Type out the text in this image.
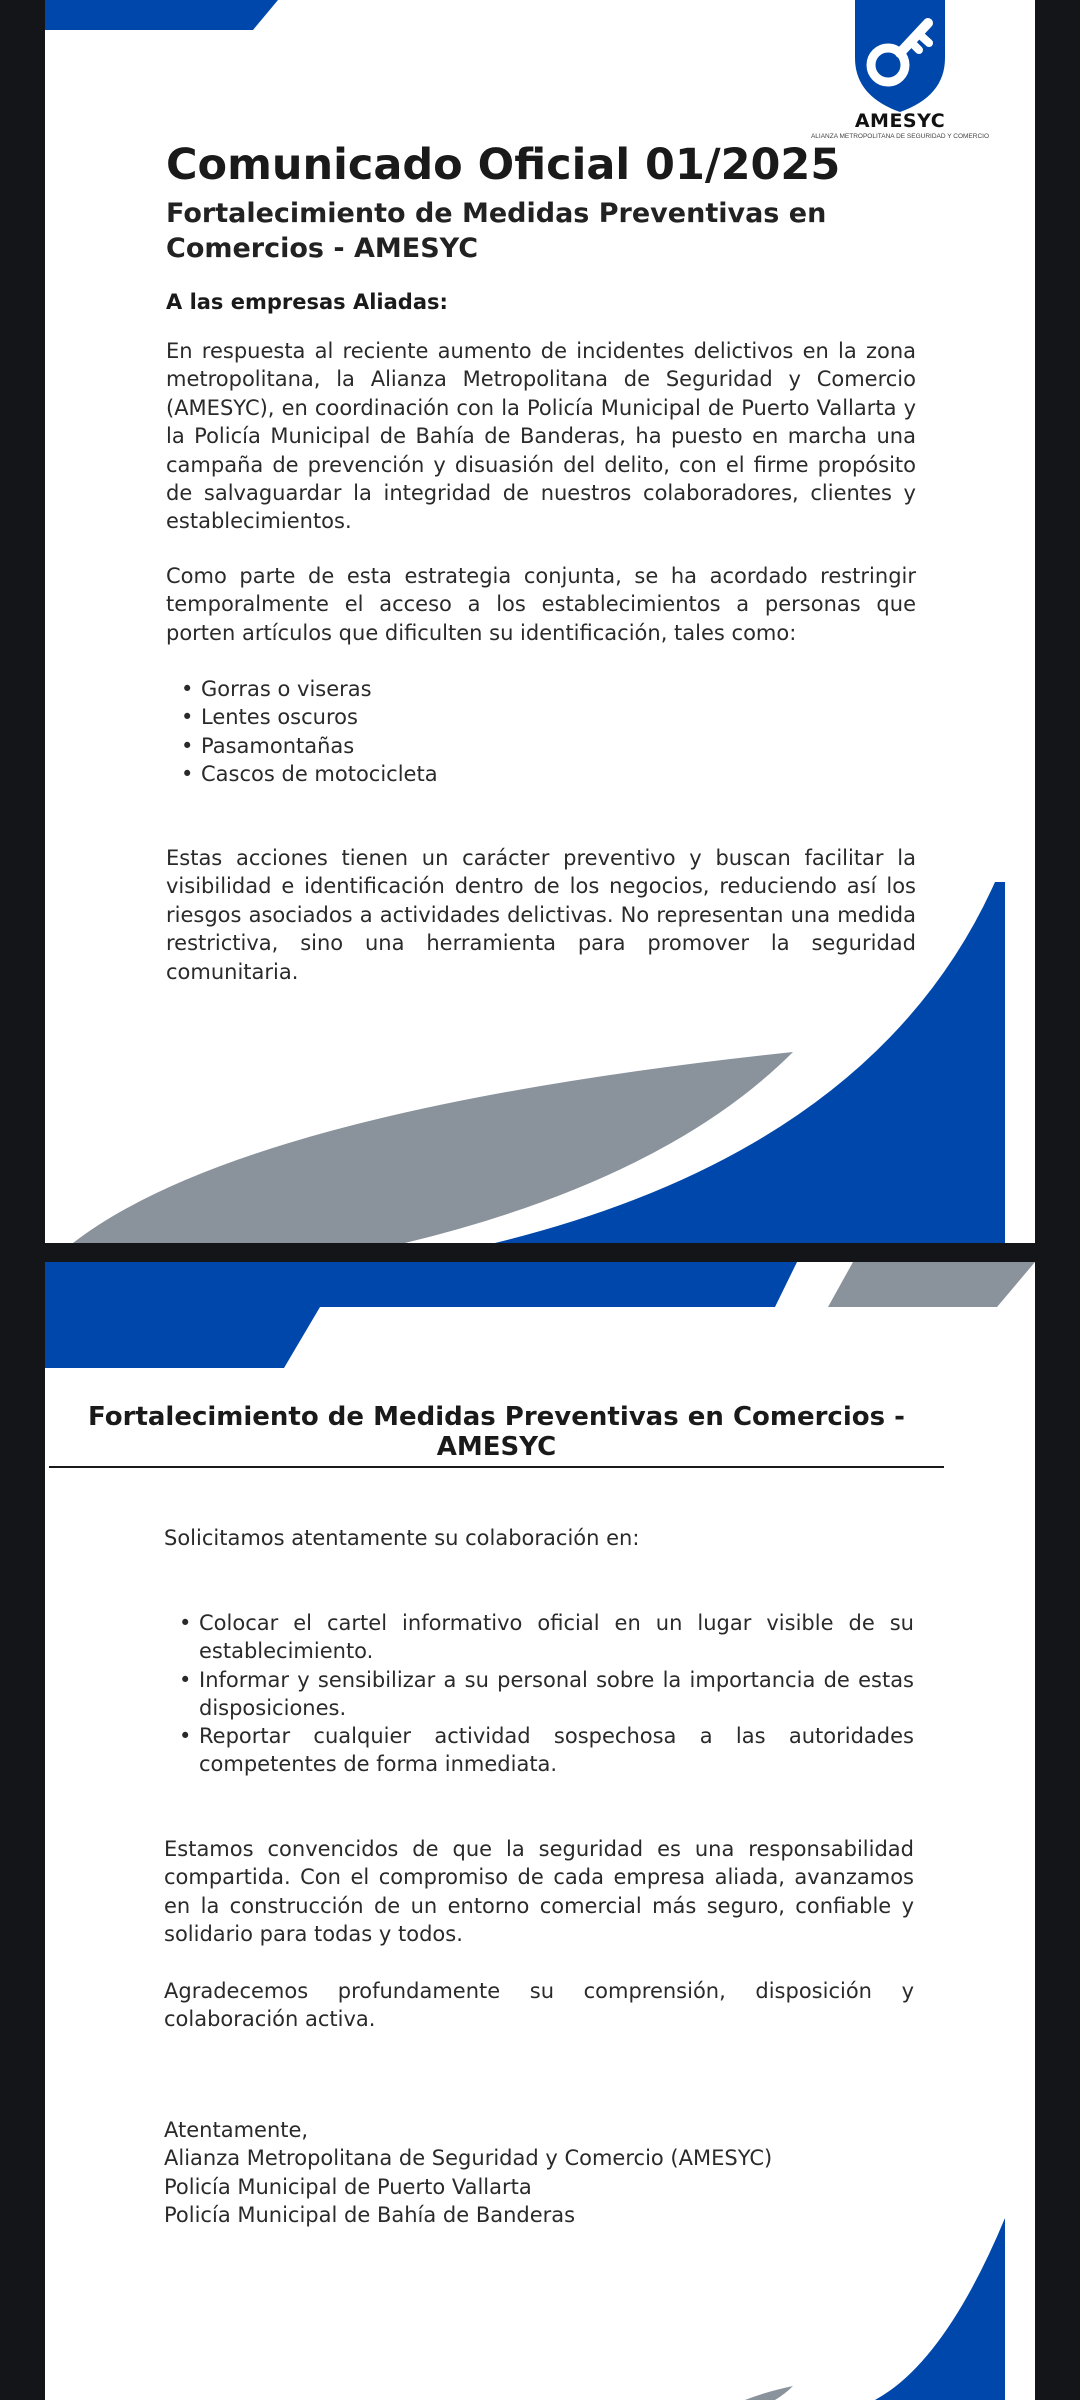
AMESYC
ALIANZA METROPOLITANA DE SEGURIDAD Y COMERCIO
Comunicado Oficial 01/2025
Fortalecimiento de Medidas Preventivas en Comercios - AMESYC
A las empresas Aliadas:

En respuesta al reciente aumento de incidentes delictivos en la zona metropolitana, la Alianza Metropolitana de Seguridad y Comercio (AMESYC), en coordinación con la Policía Municipal de Puerto Vallarta y la Policía Municipal de Bahía de Banderas, ha puesto en marcha una campaña de prevención y disuasión del delito, con el firme propósito de salvaguardar la integridad de nuestros colaboradores, clientes y establecimientos.

Como parte de esta estrategia conjunta, se ha acordado restringir temporalmente el acceso a los establecimientos a personas que porten artículos que dificulten su identificación, tales como:

• Gorras o viseras
• Lentes oscuros
• Pasamontañas
• Cascos de motocicleta

Estas acciones tienen un carácter preventivo y buscan facilitar la visibilidad e identificación dentro de los negocios, reduciendo así los riesgos asociados a actividades delictivas. No representan una medida restrictiva, sino una herramienta para promover la seguridad comunitaria.

Fortalecimiento de Medidas Preventivas en Comercios - AMESYC

Solicitamos atentamente su colaboración en:

• Colocar el cartel informativo oficial en un lugar visible de su establecimiento.
• Informar y sensibilizar a su personal sobre la importancia de estas disposiciones.
• Reportar cualquier actividad sospechosa a las autoridades competentes de forma inmediata.

Estamos convencidos de que la seguridad es una responsabilidad compartida. Con el compromiso de cada empresa aliada, avanzamos en la construcción de un entorno comercial más seguro, confiable y solidario para todas y todos.

Agradecemos profundamente su comprensión, disposición y colaboración activa.

Atentamente,
Alianza Metropolitana de Seguridad y Comercio (AMESYC)
Policía Municipal de Puerto Vallarta
Policía Municipal de Bahía de Banderas
